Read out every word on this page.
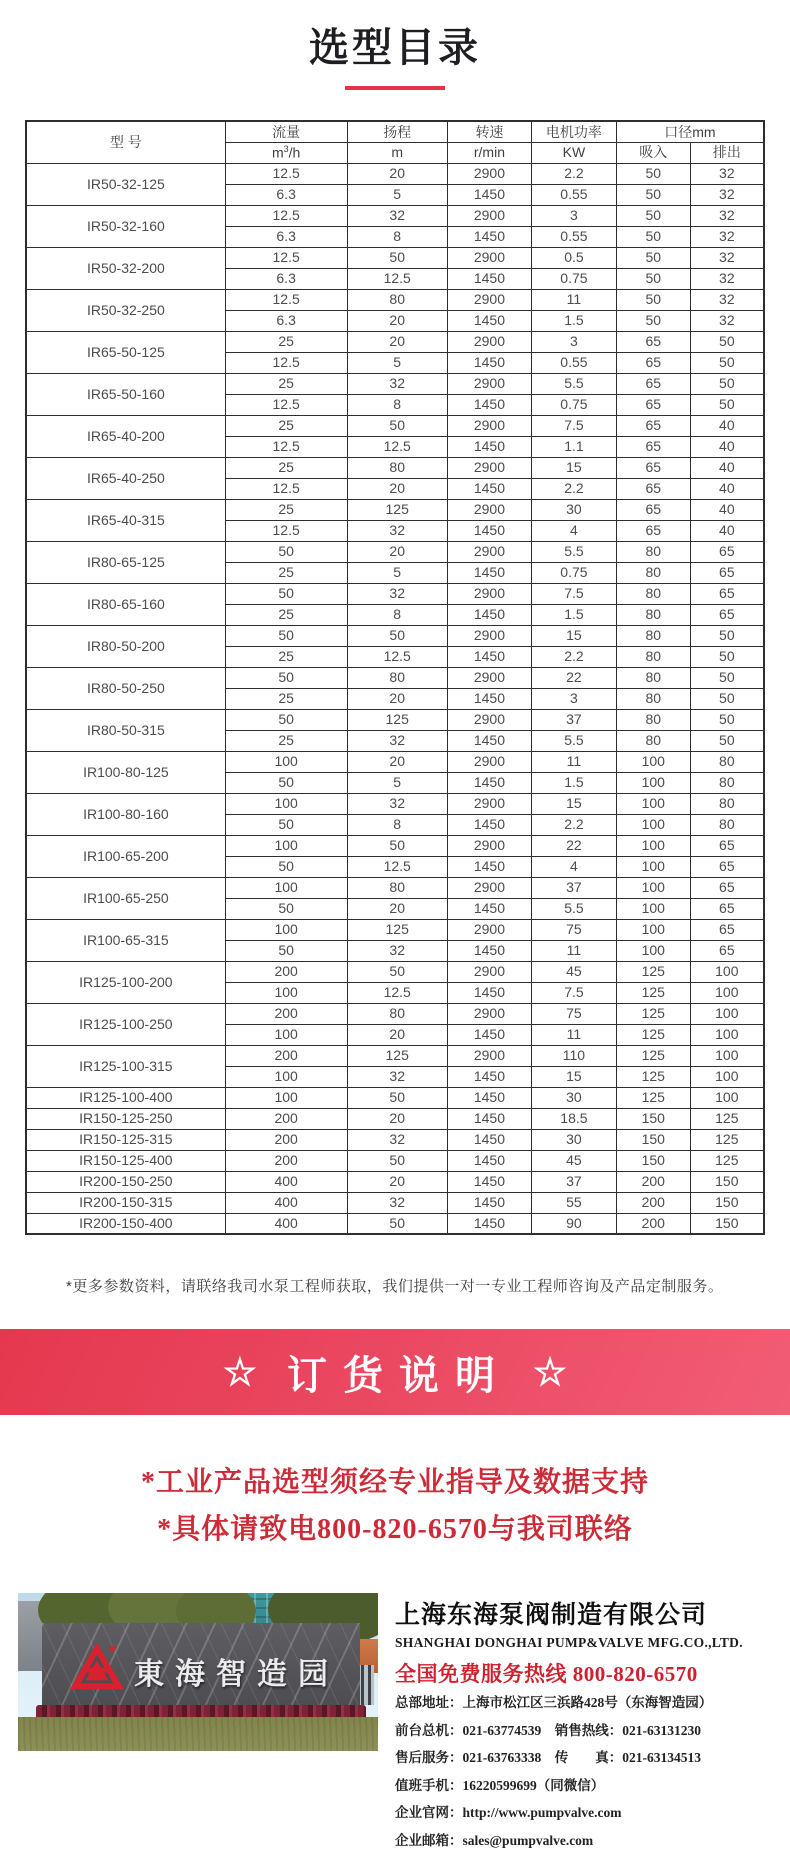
选型目录
型 号	流量	扬程	转速	电机功率	口径mm	
	$m^3/h$	m	r/min	KW	吸入	排出
IR50-32-125	12.5	20	2900	2.2	50	32
	6.3	5	1450	0.55	50	32
IR50-32-160	12.5	32	2900	3	50	32
	6.3	8	1450	0.55	50	32
IR50-32-200	12.5	50	2900	0.5	50	32
	6.3	12.5	1450	0.75	50	32
IR50-32-250	12.5	80	2900	11	50	32
	6.3	20	1450	1.5	50	32
IR65-50-125	25	20	2900	3	65	50
	12.5	5	1450	0.55	65	50
IR65-50-160	25	32	2900	5.5	65	50
	12.5	8	1450	0.75	65	50
IR65-40-200	25	50	2900	7.5	65	40
	12.5	12.5	1450	1.1	65	40
IR65-40-250	25	80	2900	15	65	40
	12.5	20	1450	2.2	65	40
IR65-40-315	25	125	2900	30	65	40
	12.5	32	1450	4	65	40
IR80-65-125	50	20	2900	5.5	80	65
	25	5	1450	0.75	80	65
IR80-65-160	50	32	2900	7.5	80	65
	25	8	1450	1.5	80	65
IR80-50-200	50	50	2900	15	80	50
	25	12.5	1450	2.2	80	50
IR80-50-250	50	80	2900	22	80	50
	25	20	1450	3	80	50
IR80-50-315	50	125	2900	37	80	50
	25	32	1450	5.5	80	50
IR100-80-125	100	20	2900	11	100	80
	50	5	1450	1.5	100	80
IR100-80-160	100	32	2900	15	100	80
	50	8	1450	2.2	100	80
IR100-65-200	100	50	2900	22	100	65
	50	12.5	1450	4	100	65
IR100-65-250	100	80	2900	37	100	65
	50	20	1450	5.5	100	65
IR100-65-315	100	125	2900	75	100	65
	50	32	1450	11	100	65
IR125-100-200	200	50	2900	45	125	100
	100	12.5	1450	7.5	125	100
IR125-100-250	200	80	2900	75	125	100
	100	20	1450	11	125	100
IR125-100-315	200	125	2900	110	125	100
	100	32	1450	15	125	100
IR125-100-400	100	50	1450	30	125	100
IR150-125-250	200	20	1450	18.5	150	125
IR150-125-315	200	32	1450	30	150	125
IR150-125-400	200	50	1450	45	150	125
IR200-150-250	400	20	1450	37	200	150
IR200-150-315	400	32	1450	55	200	150
IR200-150-400	400	50	1450	90	200	150
*更多参数资料，请联络我司水泵工程师获取，我们提供一对一专业工程师咨询及产品定制服务。
☆ 订货说明 ☆
*工业产品选型须经专业指导及数据支持
*具体请致电800-820-6570与我司联络
東海智造园
上海东海泵阀制造有限公司
SHANGHAI DONGHAI PUMP&VALVE MFG.CO.,LTD.
全国免费服务热线 800-820-6570
总部地址：上海市松江区三浜路428号（东海智造园）
前台总机：021-63774539　销售热线：021-63131230
售后服务：021-63763338　传　　真：021-63134513
值班手机：16220599699（同微信）
企业官网：http://www.pumpvalve.com
企业邮箱：sales@pumpvalve.com
